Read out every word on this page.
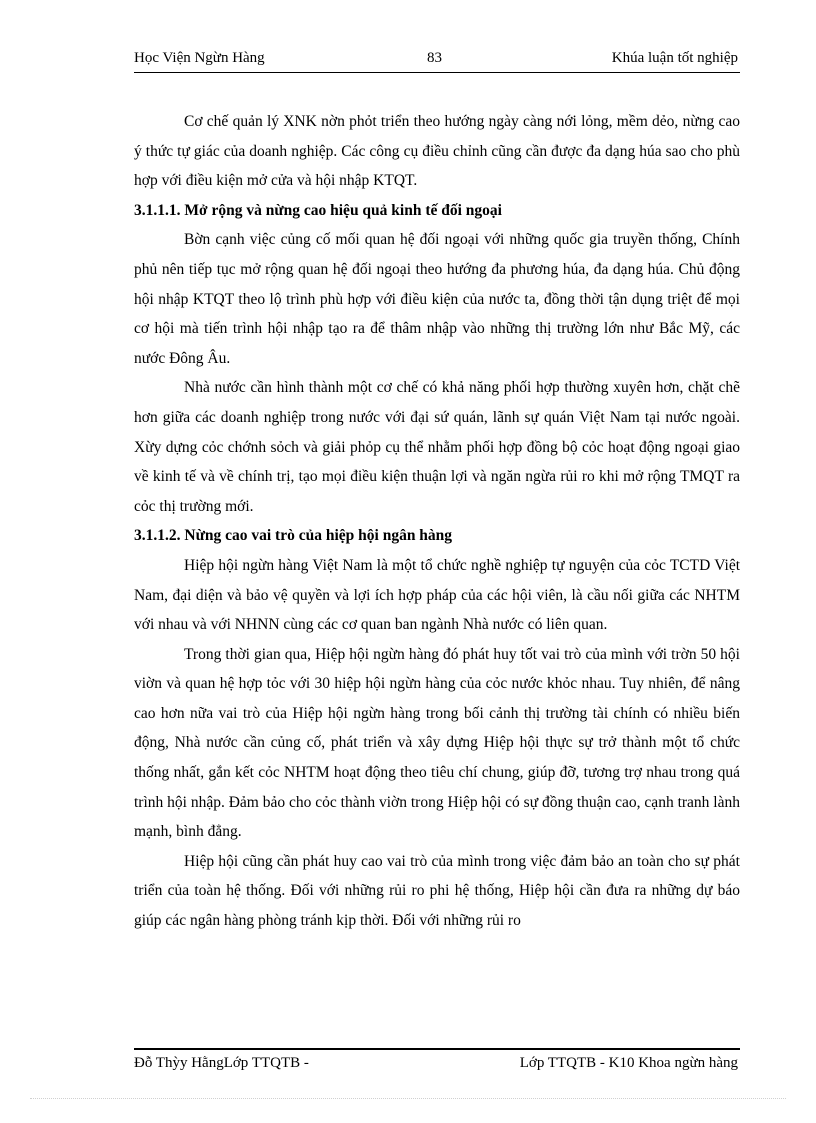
Học Viện Ngừn Hàng	83	Khúa luận tốt nghiệp

Cơ chế quản lý XNK nờn phỏt triển theo hướng ngày càng nới lỏng, mềm dẻo, nừng cao ý thức tự giác của doanh nghiệp. Các công cụ điều chỉnh cũng cần được đa dạng húa sao cho phù hợp với điều kiện mở cửa và hội nhập KTQT.

3.1.1.1. Mở rộng và nừng cao hiệu quả kinh tế đối ngoại

Bờn cạnh việc củng cố mối quan hệ đối ngoại với những quốc gia truyền thống, Chính phủ nên tiếp tục mở rộng quan hệ đối ngoại theo hướng đa phương húa, đa dạng húa. Chủ động hội nhập KTQT theo lộ trình phù hợp với điều kiện của nước ta, đồng thời tận dụng triệt để mọi cơ hội mà tiến trình hội nhập tạo ra để thâm nhập vào những thị trường lớn như Bắc Mỹ, các nước Đông Âu.

Nhà nước cần hình thành một cơ chế có khả năng phối hợp thường xuyên hơn, chặt chẽ hơn giữa các doanh nghiệp trong nước với đại sứ quán, lãnh sự quán Việt Nam tại nước ngoài. Xừy dựng cỏc chớnh sỏch và giải phỏp cụ thể nhằm phối hợp đồng bộ cỏc hoạt động ngoại giao về kinh tế và về chính trị, tạo mọi điều kiện thuận lợi và ngăn ngừa rủi ro khi mở rộng TMQT ra cỏc thị trường mới.

3.1.1.2. Nừng cao vai trò của hiệp hội ngân hàng

Hiệp hội ngừn hàng Việt Nam là một tổ chức nghề nghiệp tự nguyện của cỏc TCTD Việt Nam, đại diện và bảo vệ quyền và lợi ích hợp pháp của các hội viên, là cầu nối giữa các NHTM với nhau và với NHNN cùng các cơ quan ban ngành Nhà nước có liên quan.

Trong thời gian qua, Hiệp hội ngừn hàng đó phát huy tốt vai trò của mình với trờn 50 hội viờn và quan hệ hợp tỏc với 30 hiệp hội ngừn hàng của cỏc nước khỏc nhau. Tuy nhiên, để nâng cao hơn nữa vai trò của Hiệp hội ngừn hàng trong bối cảnh thị trường tài chính có nhiều biến động, Nhà nước cần củng cố, phát triển và xây dựng Hiệp hội thực sự trở thành một tổ chức thống nhất, gắn kết cỏc NHTM hoạt động theo tiêu chí chung, giúp đỡ, tương trợ nhau trong quá trình hội nhập. Đảm bảo cho cỏc thành viờn trong Hiệp hội có sự đồng thuận cao, cạnh tranh lành mạnh, bình đẳng.

Hiệp hội cũng cần phát huy cao vai trò của mình trong việc đảm bảo an toàn cho sự phát triển của toàn hệ thống. Đối với những rủi ro phi hệ thống, Hiệp hội cần đưa ra những dự báo giúp các ngân hàng phòng tránh kịp thời. Đối với những rủi ro

Đỗ Thỳy HằngLớp TTQTB -	Lớp TTQTB - K10 Khoa ngừn hàng
